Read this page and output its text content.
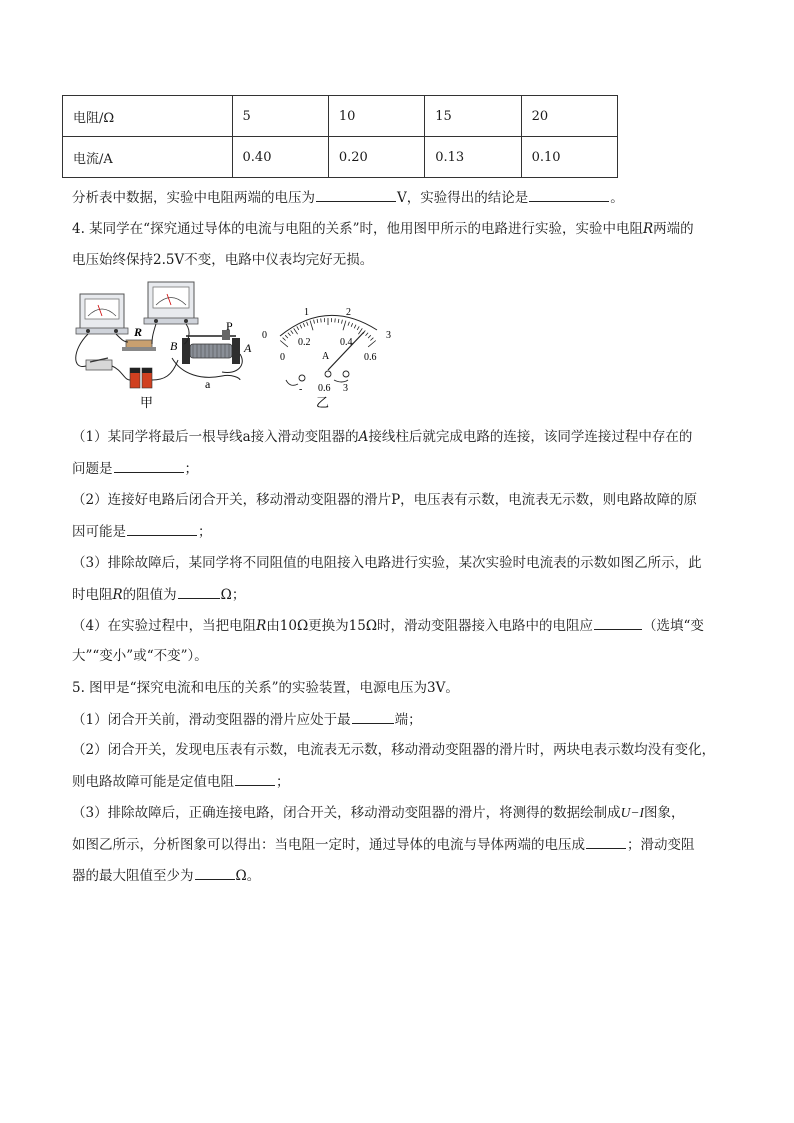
电阻/Ω	5	10	15	20
电流/A	0.40	0.20	0.13	0.10
分析表中数据，实验中电阻两端的电压为	V，实验得出的结论是	。
4. 某同学在“探究通过导体的电流与电阻的关系”时，他用图甲所示的电路进行实验，实验中电阻R两端的
电压始终保持2.5V不变，电路中仪表均完好无损。
R	P
B	A
a
甲
0
1	2
3
0
0.2	0.4
0.6
A
- 0.6 3
乙
（1）某同学将最后一根导线a接入滑动变阻器的A接线柱后就完成电路的连接，该同学连接过程中存在的
问题是	；
（2）连接好电路后闭合开关，移动滑动变阻器的滑片P，电压表有示数，电流表无示数，则电路故障的原
因可能是	；
（3）排除故障后，某同学将不同阻值的电阻接入电路进行实验，某次实验时电流表的示数如图乙所示，此
时电阻R的阻值为	Ω；
（4）在实验过程中，当把电阻R由10Ω更换为15Ω时，滑动变阻器接入电路中的电阻应	（选填“变
大”“变小”或“不变”）。
5. 图甲是“探究电流和电压的关系”的实验装置，电源电压为3V。
（1）闭合开关前，滑动变阻器的滑片应处于最	端；
（2）闭合开关，发现电压表有示数，电流表无示数，移动滑动变阻器的滑片时，两块电表示数均没有变化，
则电路故障可能是定值电阻	；
（3）排除故障后，正确连接电路，闭合开关，移动滑动变阻器的滑片，将测得的数据绘制成U−I图象，
如图乙所示，分析图象可以得出：当电阻一定时，通过导体的电流与导体两端的电压成	；滑动变阻
器的最大阻值至少为	Ω。
